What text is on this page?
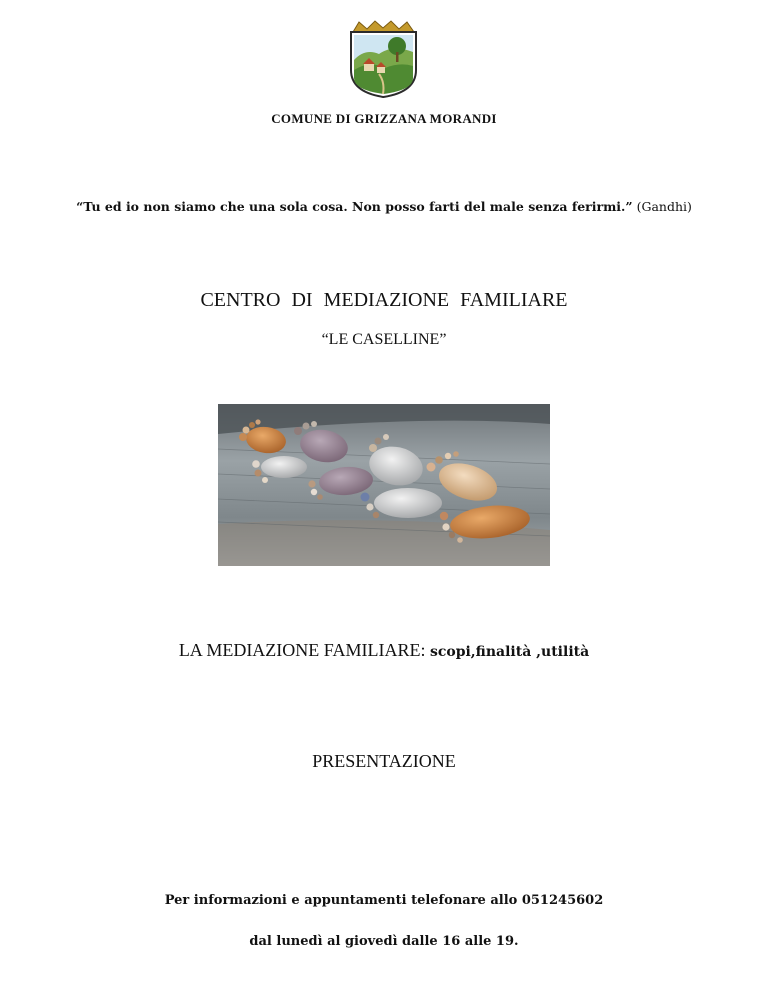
COMUNE DI GRIZZANA MORANDI
“Tu ed io non siamo che una sola cosa. Non posso farti del male senza ferirmi.” (Gandhi)
CENTRO DI MEDIAZIONE FAMILIARE
“LE CASELLINE”
LA MEDIAZIONE FAMILIARE: scopi,finalità ,utilità
PRESENTAZIONE
Per informazioni e appuntamenti telefonare allo 051245602
dal lunedì al giovedì dalle 16 alle 19.
